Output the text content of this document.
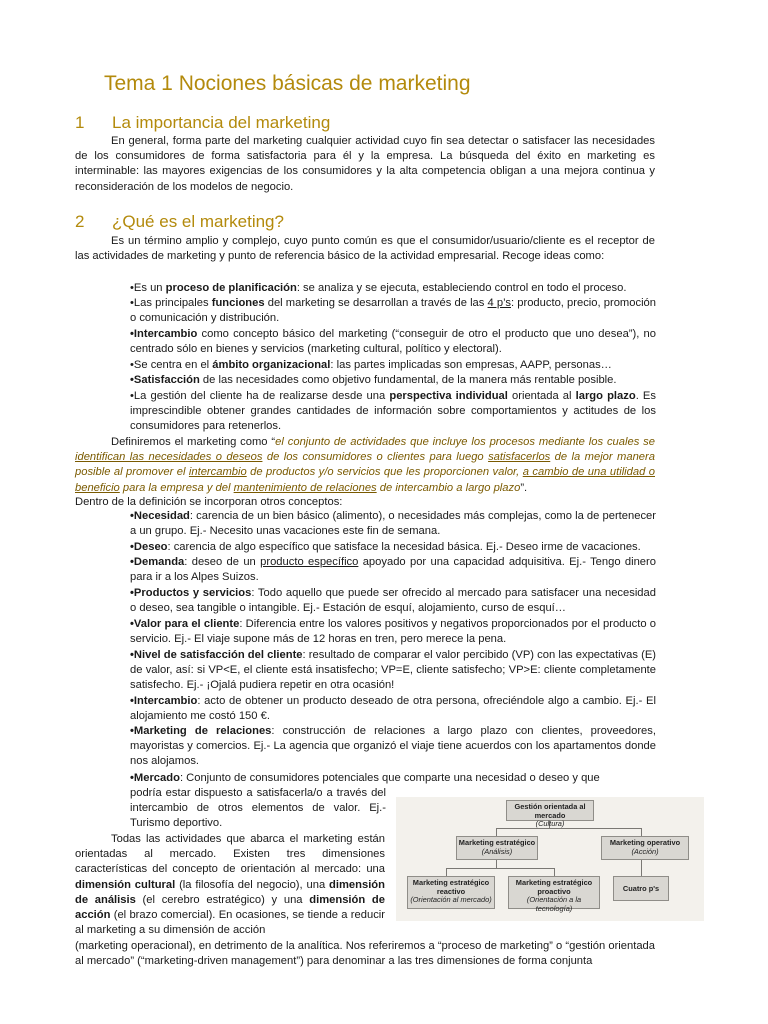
Tema 1 Nociones básicas de marketing
1 La importancia del marketing

En general, forma parte del marketing cualquier actividad cuyo fin sea detectar o satisfacer las necesidades de los consumidores de forma satisfactoria para él y la empresa. La búsqueda del éxito en marketing es interminable: las mayores exigencias de los consumidores y la alta competencia obligan a una mejora continua y reconsideración de los modelos de negocio.

2 ¿Qué es el marketing?

Es un término amplio y complejo, cuyo punto común es que el consumidor/usuario/cliente es el receptor de las actividades de marketing y punto de referencia básico de la actividad empresarial. Recoge ideas como:

•Es un proceso de planificación: se analiza y se ejecuta, estableciendo control en todo el proceso.

•Las principales funciones del marketing se desarrollan a través de las 4 p’s: producto, precio, promoción o comunicación y distribución.

•Intercambio como concepto básico del marketing (“conseguir de otro el producto que uno desea”), no centrado sólo en bienes y servicios (marketing cultural, político y electoral).

•Se centra en el ámbito organizacional: las partes implicadas son empresas, AAPP, personas…

•Satisfacción de las necesidades como objetivo fundamental, de la manera más rentable posible.

•La gestión del cliente ha de realizarse desde una perspectiva individual orientada al largo plazo. Es imprescindible obtener grandes cantidades de información sobre comportamientos y actitudes de los consumidores para retenerlos.

Definiremos el marketing como “el conjunto de actividades que incluye los procesos mediante los cuales se identifican las necesidades o deseos de los consumidores o clientes para luego satisfacerlos de la mejor manera posible al promover el intercambio de productos y/o servicios que les proporcionen valor, a cambio de una utilidad o beneficio para la empresa y del mantenimiento de relaciones de intercambio a largo plazo”.

Dentro de la definición se incorporan otros conceptos:

•Necesidad: carencia de un bien básico (alimento), o necesidades más complejas, como la de pertenecer a un grupo. Ej.- Necesito unas vacaciones este fin de semana.

•Deseo: carencia de algo específico que satisface la necesidad básica. Ej.- Deseo irme de vacaciones.

•Demanda: deseo de un producto específico apoyado por una capacidad adquisitiva. Ej.- Tengo dinero para ir a los Alpes Suizos.

•Productos y servicios: Todo aquello que puede ser ofrecido al mercado para satisfacer una necesidad o deseo, sea tangible o intangible. Ej.- Estación de esquí, alojamiento, curso de esquí…

•Valor para el cliente: Diferencia entre los valores positivos y negativos proporcionados por el producto o servicio. Ej.- El viaje supone más de 12 horas en tren, pero merece la pena.

•Nivel de satisfacción del cliente: resultado de comparar el valor percibido (VP) con las expectativas (E) de valor, así: si VP<E, el cliente está insatisfecho; VP=E, cliente satisfecho; VP>E: cliente completamente satisfecho. Ej.- ¡Ojalá pudiera repetir en otra ocasión!

•Intercambio: acto de obtener un producto deseado de otra persona, ofreciéndole algo a cambio. Ej.- El alojamiento me costó 150 €.

•Marketing de relaciones: construcción de relaciones a largo plazo con clientes, proveedores, mayoristas y comercios. Ej.- La agencia que organizó el viaje tiene acuerdos con los apartamentos donde nos alojamos.

•Mercado: Conjunto de consumidores potenciales que comparte una necesidad o deseo y que

podría estar dispuesto a satisfacerla/o a través del intercambio de otros elementos de valor. Ej.- Turismo deportivo.

Todas las actividades que abarca el marketing están orientadas al mercado. Existen tres dimensiones características del concepto de orientación al mercado: una dimensión cultural (la filosofía del negocio), una dimensión de análisis (el cerebro estratégico) y una dimensión de acción (el brazo comercial). En ocasiones, se tiende a reducir al marketing a su dimensión de acción

(marketing operacional), en detrimento de la analítica. Nos referiremos a “proceso de marketing” o “gestión orientada al mercado” (“marketing-driven management”) para denominar a las tres dimensiones de forma conjunta

Gestión orientada al mercado
(Cultura)
Marketing estratégico
(Análisis)
Marketing operativo
(Acción)
Marketing estratégico reactivo
(Orientación al mercado)
Marketing estratégico proactivo
(Orientación a la tecnología)
Cuatro p's
